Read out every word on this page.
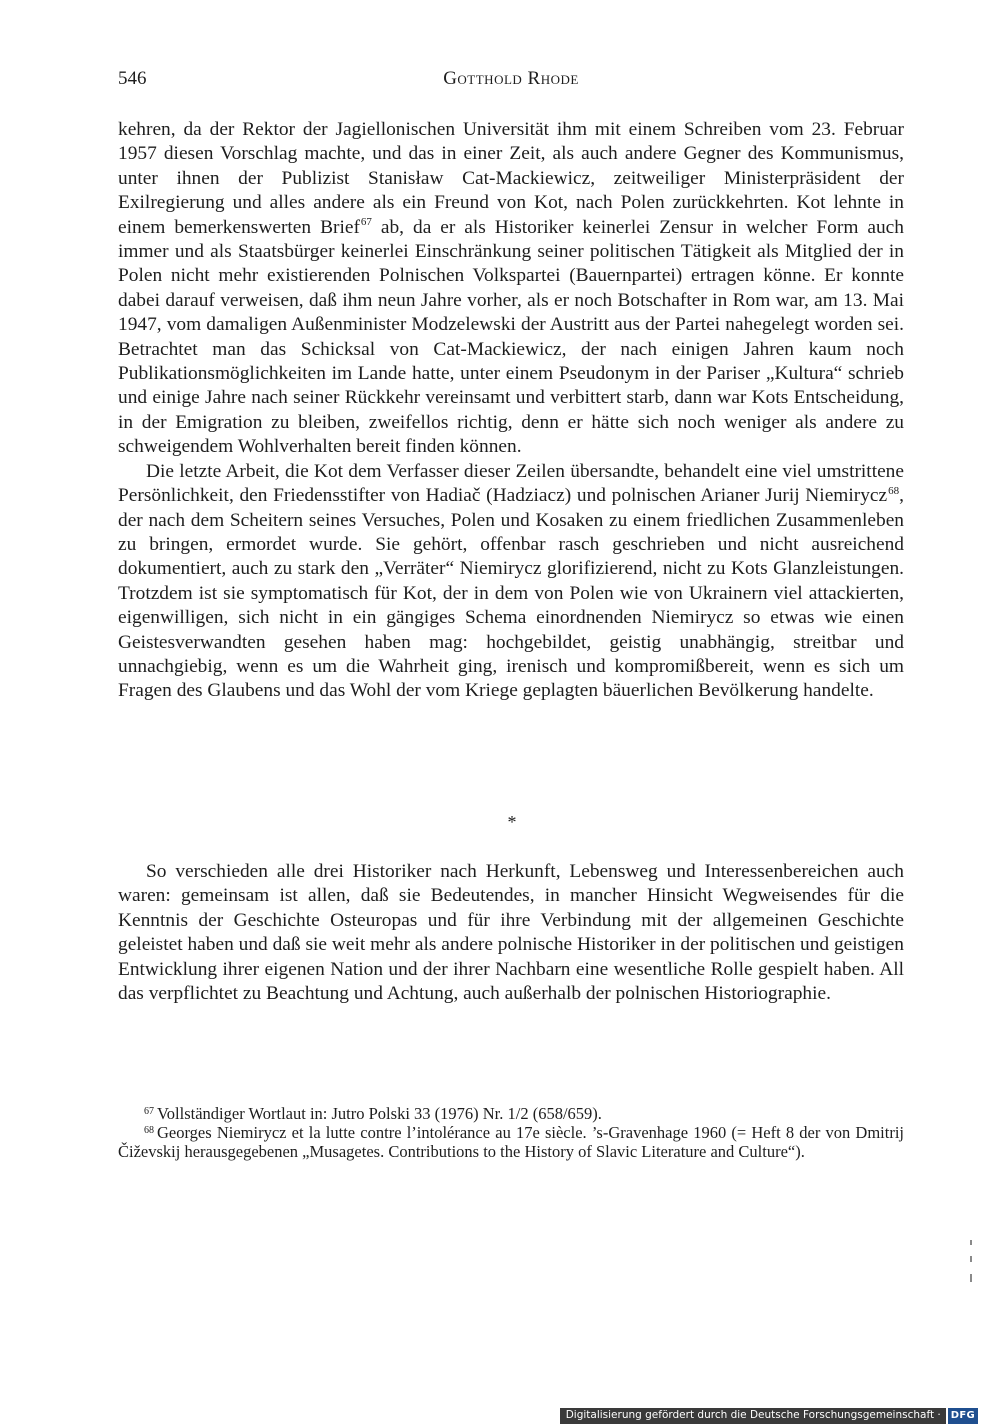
546	Gotthold Rhode

kehren, da der Rektor der Jagiellonischen Universität ihm mit einem Schreiben vom 23. Februar 1957 diesen Vorschlag machte, und das in einer Zeit, als auch andere Gegner des Kommunismus, unter ihnen der Publizist Stanisław Cat-Mackiewicz, zeitweiliger Ministerpräsident der Exilregierung und alles andere als ein Freund von Kot, nach Polen zurückkehrten. Kot lehnte in einem bemerkenswerten Brief$^{67}$ ab, da er als Historiker keinerlei Zensur in welcher Form auch immer und als Staatsbürger keinerlei Einschränkung seiner politischen Tätigkeit als Mitglied der in Polen nicht mehr existierenden Polnischen Volkspartei (Bauernpartei) ertragen könne. Er konnte dabei darauf verweisen, daß ihm neun Jahre vorher, als er noch Botschafter in Rom war, am 13. Mai 1947, vom damaligen Außenminister Modzelewski der Austritt aus der Partei nahegelegt worden sei. Betrachtet man das Schicksal von Cat-Mackiewicz, der nach einigen Jahren kaum noch Publikationsmöglichkeiten im Lande hatte, unter einem Pseudonym in der Pariser „Kultura“ schrieb und einige Jahre nach seiner Rückkehr vereinsamt und verbittert starb, dann war Kots Entscheidung, in der Emigration zu bleiben, zweifellos richtig, denn er hätte sich noch weniger als andere zu schweigendem Wohlverhalten bereit finden können.

Die letzte Arbeit, die Kot dem Verfasser dieser Zeilen übersandte, behandelt eine viel umstrittene Persönlichkeit, den Friedensstifter von Hadiač (Hadziacz) und polnischen Arianer Jurij Niemirycz$^{68}$, der nach dem Scheitern seines Versuches, Polen und Kosaken zu einem friedlichen Zusammenleben zu bringen, ermordet wurde. Sie gehört, offenbar rasch geschrieben und nicht ausreichend dokumentiert, auch zu stark den „Verräter“ Niemirycz glorifizierend, nicht zu Kots Glanzleistungen. Trotzdem ist sie symptomatisch für Kot, der in dem von Polen wie von Ukrainern viel attackierten, eigenwilligen, sich nicht in ein gängiges Schema einordnenden Niemirycz so etwas wie einen Geistesverwandten gesehen haben mag: hochgebildet, geistig unabhängig, streitbar und unnachgiebig, wenn es um die Wahrheit ging, irenisch und kompromißbereit, wenn es sich um Fragen des Glaubens und das Wohl der vom Kriege geplagten bäuerlichen Bevölkerung handelte.

*

So verschieden alle drei Historiker nach Herkunft, Lebensweg und Interessenbereichen auch waren: gemeinsam ist allen, daß sie Bedeutendes, in mancher Hinsicht Wegweisendes für die Kenntnis der Geschichte Osteuropas und für ihre Verbindung mit der allgemeinen Geschichte geleistet haben und daß sie weit mehr als andere polnische Historiker in der politischen und geistigen Entwicklung ihrer eigenen Nation und der ihrer Nachbarn eine wesentliche Rolle gespielt haben. All das verpflichtet zu Beachtung und Achtung, auch außerhalb der polnischen Historiographie.

$^{67}$ Vollständiger Wortlaut in: Jutro Polski 33 (1976) Nr. 1/2 (658/659).

$^{68}$ Georges Niemirycz et la lutte contre l’intolérance au 17e siècle. ’s-Gravenhage 1960 (= Heft 8 der von Dmitrij Čiževskij herausgegebenen „Musagetes. Contributions to the History of Slavic Literature and Culture“).

Digitalisierung gefördert durch die Deutsche Forschungsgemeinschaft ·	DFG
